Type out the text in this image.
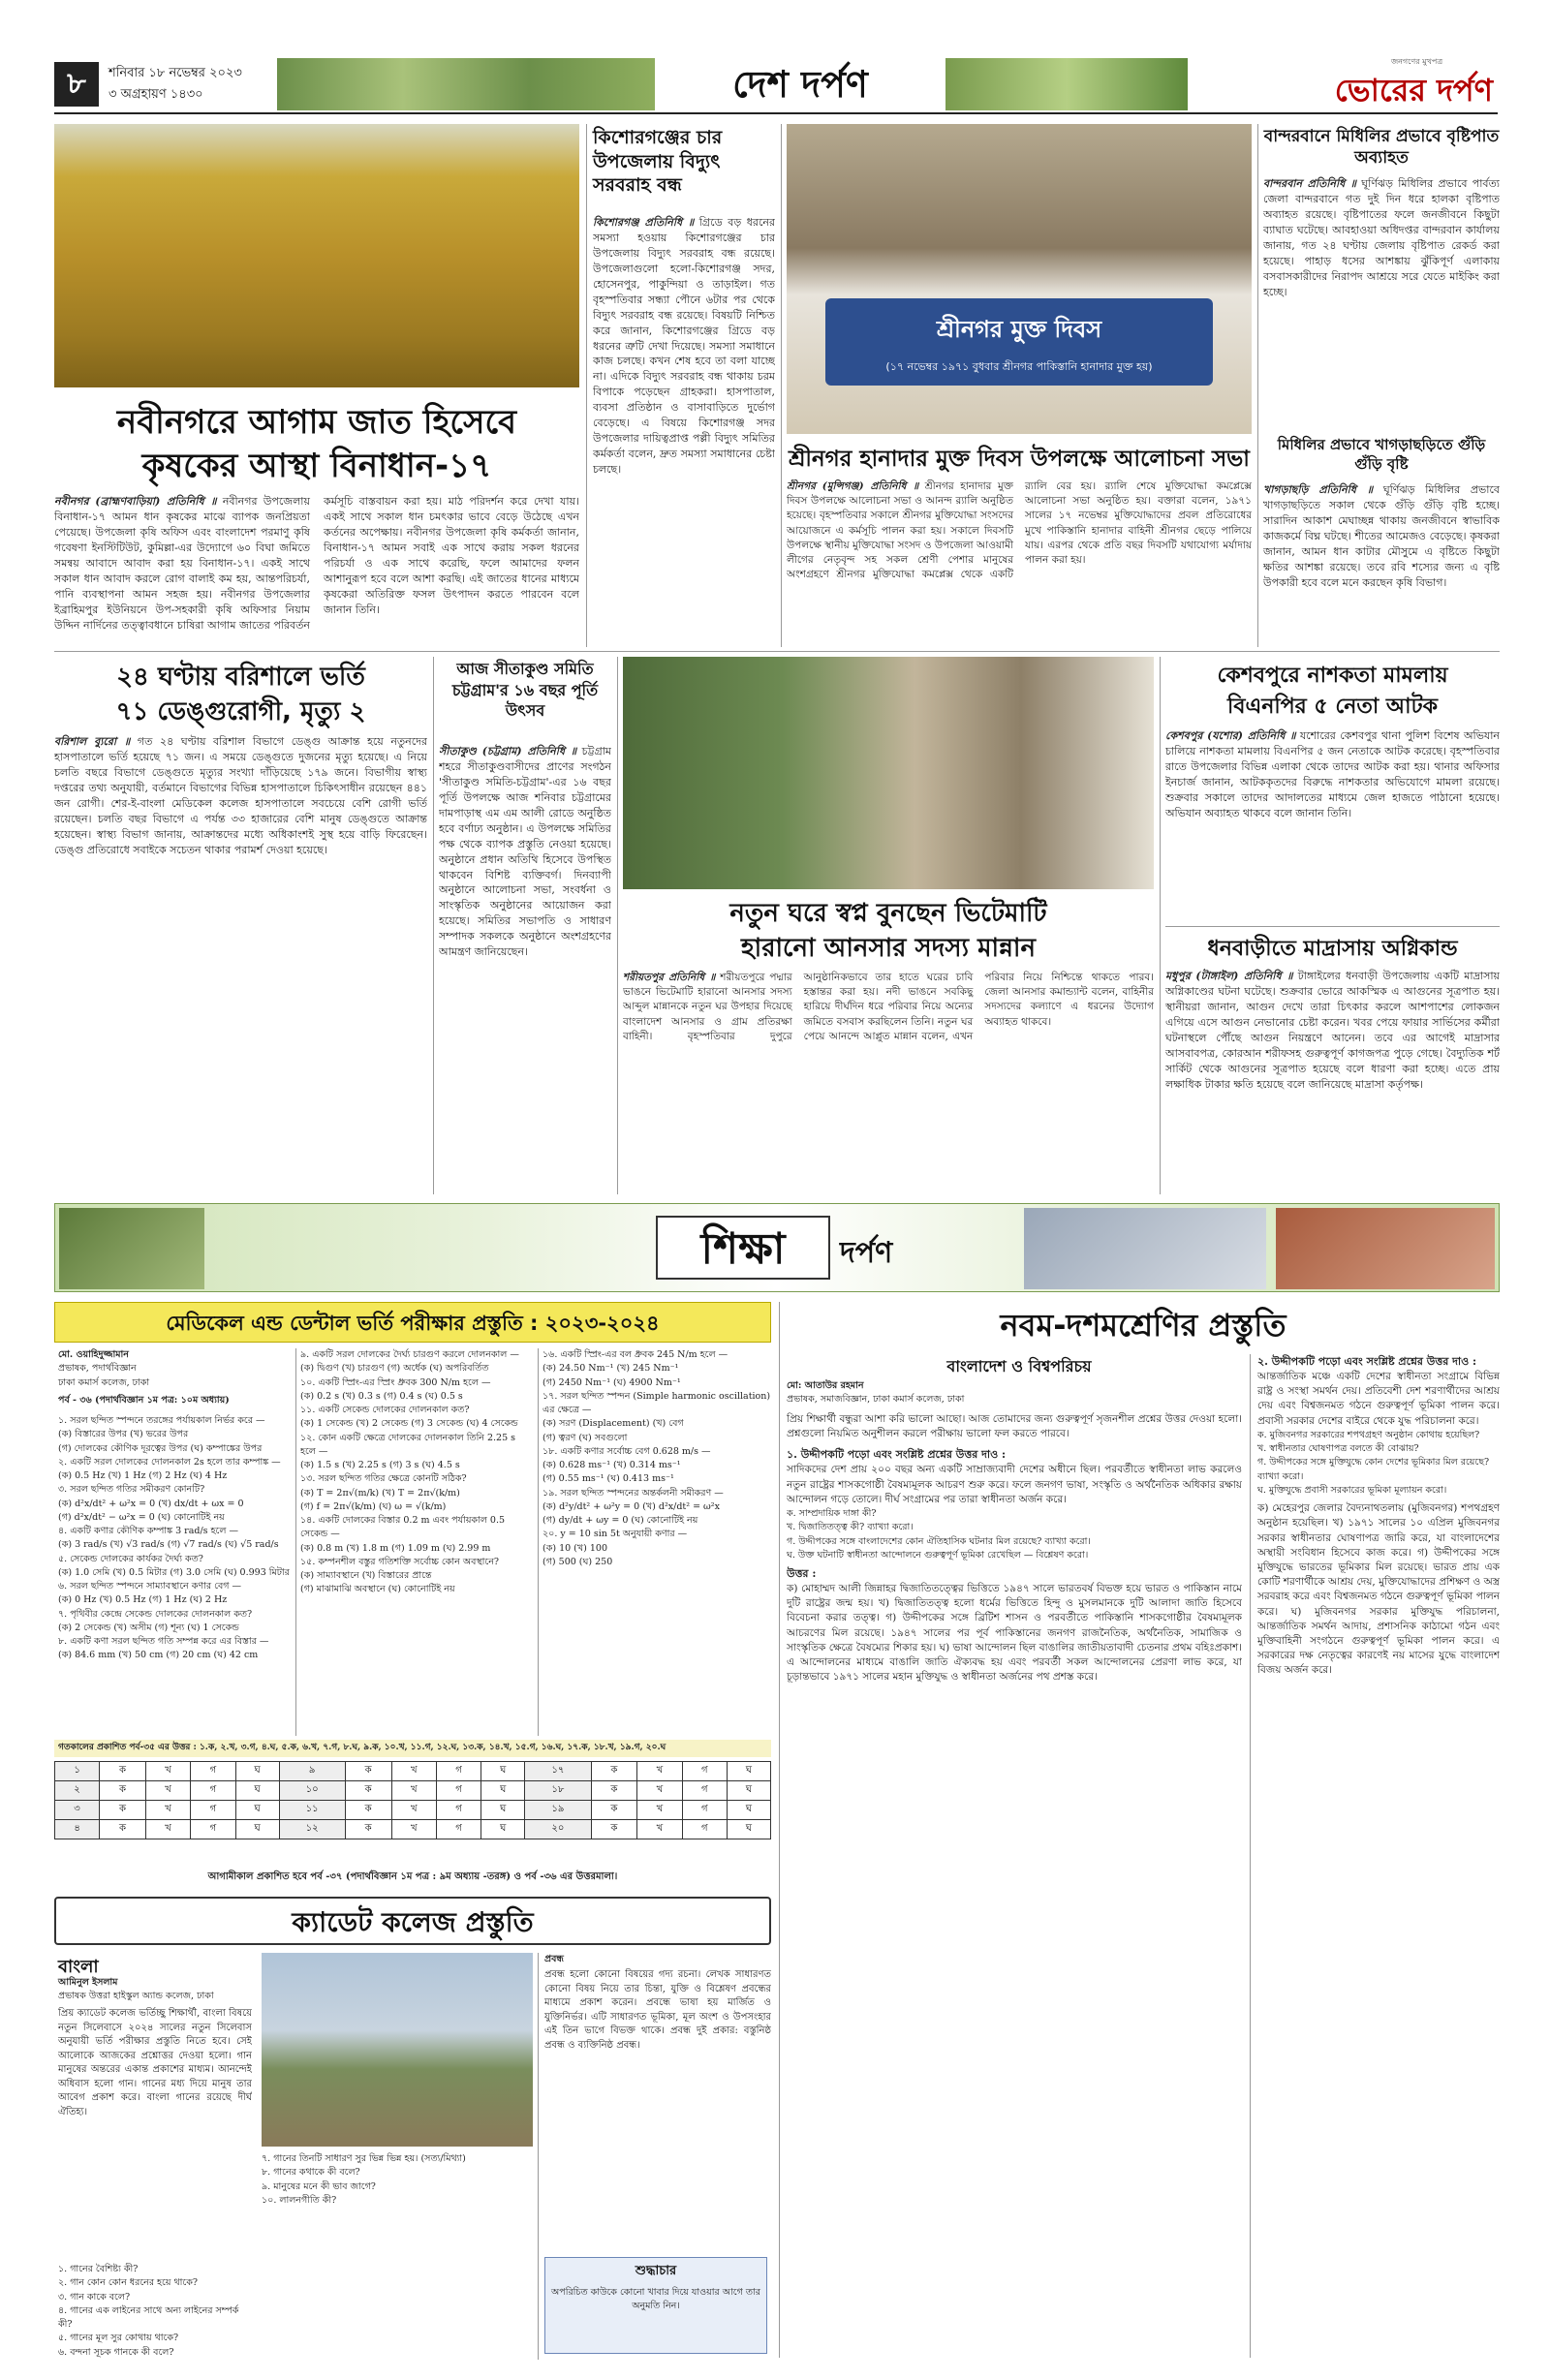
৮	শনিবার ১৮ নভেম্বর ২০২৩
৩ অগ্রহায়ণ ১৪৩০	দেশ দর্পণ
জনগণের মুখপত্র
ভোরের দর্পণ
নবীনগরে আগাম জাত হিসেবে
কৃষকের আস্থা বিনাধান-১৭
নবীনগর (ব্রাহ্মণবাড়িয়া) প্রতিনিধি ॥ নবীনগর উপজেলায় বিনাধান-১৭ আমন ধান কৃষকের মাঝে ব্যাপক জনপ্রিয়তা পেয়েছে। উপজেলা কৃষি অফিস এবং বাংলাদেশ পরমাণু কৃষি গবেষণা ইনস্টিটিউট, কুমিল্লা-এর উদ্যোগে ৬০ বিঘা জমিতে সমন্বয় আবাদে আবাদ করা হয় বিনাধান-১৭। একই সাথে সকাল ধান আবাদ করলে রোগ বালাই কম হয়, আন্তপরিচর্যা, পানি ব্যবস্থাপনা আমন সহজ হয়। নবীনগর উপজেলার ইব্রাহিমপুর ইউনিয়নে উপ-সহকারী কৃষি অফিসার নিয়াম উদ্দিন নার্দিনের তত্ত্বাবধানে চাষিরা আগাম জাতের পরিবর্তন কর্মসূচি বাস্তবায়ন করা হয়। মাঠ পরিদর্শন করে দেখা যায়। একই সাথে সকাল ধান চমৎকার ভাবে বেড়ে উঠেছে এখন কর্তনের অপেক্ষায়। নবীনগর উপজেলা কৃষি কর্মকর্তা জানান, বিনাধান-১৭ আমন সবাই এক সাথে করায় সকল ধরনের পরিচর্যা ও এক সাথে করেছি, ফলে আমাদের ফলন আশানুরূপ হবে বলে আশা করছি। এই জাতের ধানের মাধ্যমে কৃষকেরা অতিরিক্ত ফসল উৎপাদন করতে পারবেন বলে জানান তিনি।
কিশোরগঞ্জের চার উপজেলায় বিদ্যুৎ সরবরাহ বন্ধ
কিশোরগঞ্জ প্রতিনিধি ॥ গ্রিডে বড় ধরনের সমস্যা হওয়ায় কিশোরগঞ্জের চার উপজেলায় বিদ্যুৎ সরবরাহ বন্ধ রয়েছে। উপজেলাগুলো হলো-কিশোরগঞ্জ সদর, হোসেনপুর, পাকুন্দিয়া ও তাড়াইল। গত বৃহস্পতিবার সন্ধ্যা পৌনে ৬টার পর থেকে বিদ্যুৎ সরবরাহ বন্ধ রয়েছে। বিষয়টি নিশ্চিত করে জানান, কিশোরগঞ্জের গ্রিডে বড় ধরনের ত্রুটি দেখা দিয়েছে। সমস্যা সমাধানে কাজ চলছে। কখন শেষ হবে তা বলা যাচ্ছে না। এদিকে বিদ্যুৎ সরবরাহ বন্ধ থাকায় চরম বিপাকে পড়েছেন গ্রাহকরা। হাসপাতাল, ব্যবসা প্রতিষ্ঠান ও বাসাবাড়িতে দুর্ভোগ বেড়েছে। এ বিষয়ে কিশোরগঞ্জ সদর উপজেলার দায়িত্বপ্রাপ্ত পল্লী বিদ্যুৎ সমিতির কর্মকর্তা বলেন, দ্রুত সমস্যা সমাধানের চেষ্টা চলছে।
শ্রীনগর মুক্ত দিবস
(১৭ নভেম্বর ১৯৭১ বুধবার শ্রীনগর পাকিস্তানি হানাদার মুক্ত হয়)
শ্রীনগর হানাদার মুক্ত দিবস উপলক্ষে আলোচনা সভা
শ্রীনগর (মুন্সিগঞ্জ) প্রতিনিধি ॥ শ্রীনগর হানাদার মুক্ত দিবস উপলক্ষে আলোচনা সভা ও আনন্দ র‍্যালি অনুষ্ঠিত হয়েছে। বৃহস্পতিবার সকালে শ্রীনগর মুক্তিযোদ্ধা সংসদের আয়োজনে এ কর্মসূচি পালন করা হয়। সকালে দিবসটি উপলক্ষে স্থানীয় মুক্তিযোদ্ধা সংসদ ও উপজেলা আওয়ামী লীগের নেতৃবৃন্দ সহ সকল শ্রেণী পেশার মানুষের অংশগ্রহণে শ্রীনগর মুক্তিযোদ্ধা কমপ্লেক্স থেকে একটি র‍্যালি বের হয়। র‍্যালি শেষে মুক্তিযোদ্ধা কমপ্লেক্সে আলোচনা সভা অনুষ্ঠিত হয়। বক্তারা বলেন, ১৯৭১ সালের ১৭ নভেম্বর মুক্তিযোদ্ধাদের প্রবল প্রতিরোধের মুখে পাকিস্তানি হানাদার বাহিনী শ্রীনগর ছেড়ে পালিয়ে যায়। এরপর থেকে প্রতি বছর দিবসটি যথাযোগ্য মর্যাদায় পালন করা হয়।
বান্দরবানে মিধিলির প্রভাবে বৃষ্টিপাত অব্যাহত
বান্দরবান প্রতিনিধি ॥ ঘূর্ণিঝড় মিধিলির প্রভাবে পার্বত্য জেলা বান্দরবানে গত দুই দিন ধরে হালকা বৃষ্টিপাত অব্যাহত রয়েছে। বৃষ্টিপাতের ফলে জনজীবনে কিছুটা ব্যাঘাত ঘটেছে। আবহাওয়া অধিদপ্তর বান্দরবান কার্যালয় জানায়, গত ২৪ ঘণ্টায় জেলায় বৃষ্টিপাত রেকর্ড করা হয়েছে। পাহাড় ধসের আশঙ্কায় ঝুঁকিপূর্ণ এলাকায় বসবাসকারীদের নিরাপদ আশ্রয়ে সরে যেতে মাইকিং করা হচ্ছে।
মিধিলির প্রভাবে খাগড়াছড়িতে গুঁড়ি গুঁড়ি বৃষ্টি
খাগড়াছড়ি প্রতিনিধি ॥ ঘূর্ণিঝড় মিধিলির প্রভাবে খাগড়াছড়িতে সকাল থেকে গুঁড়ি গুঁড়ি বৃষ্টি হচ্ছে। সারাদিন আকাশ মেঘাচ্ছন্ন থাকায় জনজীবনে স্বাভাবিক কাজকর্মে বিঘ্ন ঘটছে। শীতের আমেজও বেড়েছে। কৃষকরা জানান, আমন ধান কাটার মৌসুমে এ বৃষ্টিতে কিছুটা ক্ষতির আশঙ্কা রয়েছে। তবে রবি শস্যের জন্য এ বৃষ্টি উপকারী হবে বলে মনে করছেন কৃষি বিভাগ।
২৪ ঘণ্টায় বরিশালে ভর্তি
৭১ ডেঙ্গুরোগী, মৃত্যু ২
বরিশাল ব্যুরো ॥ গত ২৪ ঘণ্টায় বরিশাল বিভাগে ডেঙ্গু আক্রান্ত হয়ে নতুনদের হাসপাতালে ভর্তি হয়েছে ৭১ জন। এ সময়ে ডেঙ্গুতে দুজনের মৃত্যু হয়েছে। এ নিয়ে চলতি বছরে বিভাগে ডেঙ্গুতে মৃত্যুর সংখ্যা দাঁড়িয়েছে ১৭৯ জনে। বিভাগীয় স্বাস্থ্য দপ্তরের তথ্য অনুযায়ী, বর্তমানে বিভাগের বিভিন্ন হাসপাতালে চিকিৎসাধীন রয়েছেন ৪৪১ জন রোগী। শের-ই-বাংলা মেডিকেল কলেজ হাসপাতালে সবচেয়ে বেশি রোগী ভর্তি রয়েছেন। চলতি বছর বিভাগে এ পর্যন্ত ৩৩ হাজারের বেশি মানুষ ডেঙ্গুতে আক্রান্ত হয়েছেন। স্বাস্থ্য বিভাগ জানায়, আক্রান্তদের মধ্যে অধিকাংশই সুস্থ হয়ে বাড়ি ফিরেছেন। ডেঙ্গু প্রতিরোধে সবাইকে সচেতন থাকার পরামর্শ দেওয়া হয়েছে।
আজ সীতাকুণ্ড সমিতি চট্টগ্রাম'র ১৬ বছর পূর্তি উৎসব
সীতাকুণ্ড (চট্টগ্রাম) প্রতিনিধি ॥ চট্টগ্রাম শহরে সীতাকুণ্ডবাসীদের প্রাণের সংগঠন 'সীতাকুণ্ড সমিতি-চট্টগ্রাম'-এর ১৬ বছর পূর্তি উপলক্ষে আজ শনিবার চট্টগ্রামের দামপাড়াস্থ এম এম আলী রোডে অনুষ্ঠিত হবে বর্ণাঢ্য অনুষ্ঠান। এ উপলক্ষে সমিতির পক্ষ থেকে ব্যাপক প্রস্তুতি নেওয়া হয়েছে। অনুষ্ঠানে প্রধান অতিথি হিসেবে উপস্থিত থাকবেন বিশিষ্ট ব্যক্তিবর্গ। দিনব্যাপী অনুষ্ঠানে আলোচনা সভা, সংবর্ধনা ও সাংস্কৃতিক অনুষ্ঠানের আয়োজন করা হয়েছে। সমিতির সভাপতি ও সাধারণ সম্পাদক সকলকে অনুষ্ঠানে অংশগ্রহণের আমন্ত্রণ জানিয়েছেন।
নতুন ঘরে স্বপ্ন বুনছেন ভিটেমাটি
হারানো আনসার সদস্য মান্নান
শরীয়তপুর প্রতিনিধি ॥ শরীয়তপুরে পদ্মার ভাঙনে ভিটেমাটি হারানো আনসার সদস্য আব্দুল মান্নানকে নতুন ঘর উপহার দিয়েছে বাংলাদেশ আনসার ও গ্রাম প্রতিরক্ষা বাহিনী। বৃহস্পতিবার দুপুরে আনুষ্ঠানিকভাবে তার হাতে ঘরের চাবি হস্তান্তর করা হয়। নদী ভাঙনে সবকিছু হারিয়ে দীর্ঘদিন ধরে পরিবার নিয়ে অন্যের জমিতে বসবাস করছিলেন তিনি। নতুন ঘর পেয়ে আনন্দে আপ্লুত মান্নান বলেন, এখন পরিবার নিয়ে নিশ্চিন্তে থাকতে পারব। জেলা আনসার কমান্ড্যান্ট বলেন, বাহিনীর সদস্যদের কল্যাণে এ ধরনের উদ্যোগ অব্যাহত থাকবে।
কেশবপুরে নাশকতা মামলায়
বিএনপির ৫ নেতা আটক
কেশবপুর (যশোর) প্রতিনিধি ॥ যশোরের কেশবপুর থানা পুলিশ বিশেষ অভিযান চালিয়ে নাশকতা মামলায় বিএনপির ৫ জন নেতাকে আটক করেছে। বৃহস্পতিবার রাতে উপজেলার বিভিন্ন এলাকা থেকে তাদের আটক করা হয়। থানার অফিসার ইনচার্জ জানান, আটককৃতদের বিরুদ্ধে নাশকতার অভিযোগে মামলা রয়েছে। শুক্রবার সকালে তাদের আদালতের মাধ্যমে জেল হাজতে পাঠানো হয়েছে। অভিযান অব্যাহত থাকবে বলে জানান তিনি।
ধনবাড়ীতে মাদ্রাসায় অগ্নিকান্ড
মধুপুর (টাঙ্গাইল) প্রতিনিধি ॥ টাঙ্গাইলের ধনবাড়ী উপজেলায় একটি মাদ্রাসায় অগ্নিকাণ্ডের ঘটনা ঘটেছে। শুক্রবার ভোরে আকস্মিক এ আগুনের সূত্রপাত হয়। স্থানীয়রা জানান, আগুন দেখে তারা চিৎকার করলে আশপাশের লোকজন এগিয়ে এসে আগুন নেভানোর চেষ্টা করেন। খবর পেয়ে ফায়ার সার্ভিসের কর্মীরা ঘটনাস্থলে পৌঁছে আগুন নিয়ন্ত্রণে আনেন। তবে এর আগেই মাদ্রাসার আসবাবপত্র, কোরআন শরীফসহ গুরুত্বপূর্ণ কাগজপত্র পুড়ে গেছে। বৈদ্যুতিক শর্ট সার্কিট থেকে আগুনের সূত্রপাত হয়েছে বলে ধারণা করা হচ্ছে। এতে প্রায় লক্ষাধিক টাকার ক্ষতি হয়েছে বলে জানিয়েছে মাদ্রাসা কর্তৃপক্ষ।
শিক্ষা	দর্পণ
মেডিকেল এন্ড ডেন্টাল ভর্তি পরীক্ষার প্রস্তুতি : ২০২৩-২০২৪
মো. ওয়াহিদুজ্জামান
প্রভাষক, পদার্থবিজ্ঞান
ঢাকা কমার্স কলেজ, ঢাকা
পর্ব - ৩৬ (পদার্থবিজ্ঞান ১ম পত্র: ১০ম অধ্যায়)
১. সরল ছন্দিত স্পন্দনে তরঙ্গের পর্যায়কাল নির্ভর করে —
(ক) বিস্তারের উপর (খ) ভরের উপর
(গ) দোলকের কৌণিক দূরত্বের উপর (ঘ) কম্পাঙ্কের উপর
২. একটি সরল দোলকের দোলনকাল 2s হলে তার কম্পাঙ্ক —
(ক) 0.5 Hz (খ) 1 Hz (গ) 2 Hz (ঘ) 4 Hz
৩. সরল ছন্দিত গতির সমীকরণ কোনটি?
(ক) d²x/dt² + ω²x = 0 (খ) dx/dt + ωx = 0
(গ) d²x/dt² − ω²x = 0 (ঘ) কোনোটিই নয়
৪. একটি কণার কৌণিক কম্পাঙ্ক 3 rad/s হলে —
(ক) 3 rad/s (খ) √3 rad/s (গ) √7 rad/s (ঘ) √5 rad/s
৫. সেকেন্ড দোলকের কার্যকর দৈর্ঘ্য কত?
(ক) 1.0 সেমি (খ) 0.5 মিটার (গ) 3.0 সেমি (ঘ) 0.993 মিটার
৬. সরল ছন্দিত স্পন্দনে সাম্যাবস্থানে কণার বেগ —
(ক) 0 Hz (খ) 0.5 Hz (গ) 1 Hz (ঘ) 2 Hz
৭. পৃথিবীর কেন্দ্রে সেকেন্ড দোলকের দোলনকাল কত?
(ক) 2 সেকেন্ড (খ) অসীম (গ) শূন্য (ঘ) 1 সেকেন্ড
৮. একটি কণা সরল ছন্দিত গতি সম্পন্ন করে এর বিস্তার —
(ক) 84.6 mm (খ) 50 cm (গ) 20 cm (ঘ) 42 cm
৯. একটি সরল দোলকের দৈর্ঘ্য চারগুণ করলে দোলনকাল —
(ক) দ্বিগুণ (খ) চারগুণ (গ) অর্ধেক (ঘ) অপরিবর্তিত
১০. একটি স্প্রিং-এর স্প্রিং ধ্রুবক 300 N/m হলে —
(ক) 0.2 s (খ) 0.3 s (গ) 0.4 s (ঘ) 0.5 s
১১. একটি সেকেন্ড দোলকের দোলনকাল কত?
(ক) 1 সেকেন্ড (খ) 2 সেকেন্ড (গ) 3 সেকেন্ড (ঘ) 4 সেকেন্ড
১২. কোন একটি ক্ষেত্রে দোলকের দোলনকাল তিনি 2.25 s হলে —
(ক) 1.5 s (খ) 2.25 s (গ) 3 s (ঘ) 4.5 s
১৩. সরল ছন্দিত গতির ক্ষেত্রে কোনটি সঠিক?
(ক) T = 2π√(m/k) (খ) T = 2π√(k/m)
(গ) f = 2π√(k/m) (ঘ) ω = √(k/m)
১৪. একটি দোলকের বিস্তার 0.2 m এবং পর্যায়কাল 0.5 সেকেন্ড —
(ক) 0.8 m (খ) 1.8 m (গ) 1.09 m (ঘ) 2.99 m
১৫. কম্পনশীল বস্তুর গতিশক্তি সর্বোচ্চ কোন অবস্থানে?
(ক) সাম্যাবস্থানে (খ) বিস্তারের প্রান্তে
(গ) মাঝামাঝি অবস্থানে (ঘ) কোনোটিই নয়
১৬. একটি স্প্রিং-এর বল ধ্রুবক 245 N/m হলে —
(ক) 24.50 Nm⁻¹ (খ) 245 Nm⁻¹
(গ) 2450 Nm⁻¹ (ঘ) 4900 Nm⁻¹
১৭. সরল ছন্দিত স্পন্দন (Simple harmonic oscillation) এর ক্ষেত্রে —
(ক) সরণ (Displacement) (খ) বেগ
(গ) ত্বরণ (ঘ) সবগুলো
১৮. একটি কণার সর্বোচ্চ বেগ 0.628 m/s —
(ক) 0.628 ms⁻¹ (খ) 0.314 ms⁻¹
(গ) 0.55 ms⁻¹ (ঘ) 0.413 ms⁻¹
১৯. সরল ছন্দিত স্পন্দনের অন্তর্কলনী সমীকরণ —
(ক) d²y/dt² + ω²y = 0 (খ) d²x/dt² = ω²x
(গ) dy/dt + ωy = 0 (ঘ) কোনোটিই নয়
২০. y = 10 sin 5t অনুযায়ী কণার —
(ক) 10 (খ) 100
(গ) 500 (ঘ) 250
গতকালের প্রকাশিত পর্ব-৩৫ এর উত্তর : ১.ক, ২.খ, ৩.গ, ৪.ঘ, ৫.ক, ৬.খ, ৭.গ, ৮.ঘ, ৯.ক, ১০.খ, ১১.গ, ১২.ঘ, ১৩.ক, ১৪.খ, ১৫.গ, ১৬.ঘ, ১৭.ক, ১৮.খ, ১৯.গ, ২০.ঘ
১	ক	খ	গ	ঘ	৯	ক	খ	গ	ঘ	১৭	ক	খ	গ	ঘ
২	ক	খ	গ	ঘ	১০	ক	খ	গ	ঘ	১৮	ক	খ	গ	ঘ
৩	ক	খ	গ	ঘ	১১	ক	খ	গ	ঘ	১৯	ক	খ	গ	ঘ
৪	ক	খ	গ	ঘ	১২	ক	খ	গ	ঘ	২০	ক	খ	গ	ঘ
আগামীকাল প্রকাশিত হবে পর্ব -৩৭ (পদার্থবিজ্ঞান ১ম পত্র : ৯ম অধ্যায় -তরঙ্গ) ও পর্ব -৩৬ এর উত্তরমালা।
ক্যাডেট কলেজ প্রস্তুতি
বাংলা
আমিনুল ইসলাম
প্রভাষক উত্তরা হাইস্কুল অ্যান্ড কলেজ, ঢাকা
প্রিয় ক্যাডেট কলেজ ভর্তিচ্ছু শিক্ষার্থী, বাংলা বিষয়ে নতুন সিলেবাসে ২০২৪ সালের নতুন সিলেবাস অনুযায়ী ভর্তি পরীক্ষার প্রস্তুতি নিতে হবে। সেই আলোকে আজকের প্রশ্নোত্তর দেওয়া হলো। গান মানুষের অন্তরের একান্ত প্রকাশের মাধ্যম। আনন্দেই অধিবাস হলো গান। গানের মধ্য দিয়ে মানুষ তার আবেগ প্রকাশ করে। বাংলা গানের রয়েছে দীর্ঘ ঐতিহ্য।
১. গানের বৈশিষ্ট্য কী?
২. গান কোন কোন ধরনের হয়ে থাকে?
৩. গান কাকে বলে?
৪. গানের এক লাইনের সাথে অন্য লাইনের সম্পর্ক কী?
৫. গানের মূল সুর কোথায় থাকে?
৬. বন্দনা সূচক গানকে কী বলে?
৭. গানের তিনটি সাধারণ সুর ভিন্ন ভিন্ন হয়। (সত্য/মিথ্যা)
৮. গানের কথাকে কী বলে?
৯. মানুষের মনে কী ভাব জাগে?
১০. লালনগীতি কী?
প্রবন্ধ
প্রবন্ধ হলো কোনো বিষয়ের গদ্য রচনা। লেখক সাধারণত কোনো বিষয় নিয়ে তার চিন্তা, যুক্তি ও বিশ্লেষণ প্রবন্ধের মাধ্যমে প্রকাশ করেন। প্রবন্ধে ভাষা হয় মার্জিত ও যুক্তিনির্ভর। এটি সাধারণত ভূমিকা, মূল অংশ ও উপসংহার এই তিন ভাগে বিভক্ত থাকে। প্রবন্ধ দুই প্রকার: বস্তুনিষ্ঠ প্রবন্ধ ও ব্যক্তিনিষ্ঠ প্রবন্ধ।
শুদ্ধাচার
অপরিচিত কাউকে কোনো খাবার দিয়ে যাওয়ার আগে তার অনুমতি নিন।
নবম-দশমশ্রেণির প্রস্তুতি
বাংলাদেশ ও বিশ্বপরিচয়
মো: আতাউর রহমান
প্রভাষক, সমাজবিজ্ঞান, ঢাকা কমার্স কলেজ, ঢাকা
প্রিয় শিক্ষার্থী বন্ধুরা আশা করি ভালো আছো। আজ তোমাদের জন্য গুরুত্বপূর্ণ সৃজনশীল প্রশ্নের উত্তর দেওয়া হলো। প্রশ্নগুলো নিয়মিত অনুশীলন করলে পরীক্ষায় ভালো ফল করতে পারবে।
১. উদ্দীপকটি পড়ো এবং সংশ্লিষ্ট প্রশ্নের উত্তর দাও :
সাদিকদের দেশ প্রায় ২০০ বছর অন্য একটি সাম্রাজ্যবাদী দেশের অধীনে ছিল। পরবর্তীতে স্বাধীনতা লাভ করলেও নতুন রাষ্ট্রের শাসকগোষ্ঠী বৈষম্যমূলক আচরণ শুরু করে। ফলে জনগণ ভাষা, সংস্কৃতি ও অর্থনৈতিক অধিকার রক্ষায় আন্দোলন গড়ে তোলে। দীর্ঘ সংগ্রামের পর তারা স্বাধীনতা অর্জন করে।
ক. সাম্প্রদায়িক দাঙ্গা কী?
খ. দ্বিজাতিতত্ত্ব কী? ব্যাখ্যা করো।
গ. উদ্দীপকের সঙ্গে বাংলাদেশের কোন ঐতিহাসিক ঘটনার মিল রয়েছে? ব্যাখ্যা করো।
ঘ. উক্ত ঘটনাটি স্বাধীনতা আন্দোলনে গুরুত্বপূর্ণ ভূমিকা রেখেছিল — বিশ্লেষণ করো।
উত্তর :
ক) মোহাম্মদ আলী জিন্নাহর দ্বিজাতিতত্ত্বের ভিত্তিতে ১৯৪৭ সালে ভারতবর্ষ বিভক্ত হয়ে ভারত ও পাকিস্তান নামে দুটি রাষ্ট্রের জন্ম হয়। খ) দ্বিজাতিতত্ত্ব হলো ধর্মের ভিত্তিতে হিন্দু ও মুসলমানকে দুটি আলাদা জাতি হিসেবে বিবেচনা করার তত্ত্ব। গ) উদ্দীপকের সঙ্গে ব্রিটিশ শাসন ও পরবর্তীতে পাকিস্তানি শাসকগোষ্ঠীর বৈষম্যমূলক আচরণের মিল রয়েছে। ১৯৪৭ সালের পর পূর্ব পাকিস্তানের জনগণ রাজনৈতিক, অর্থনৈতিক, সামাজিক ও সাংস্কৃতিক ক্ষেত্রে বৈষম্যের শিকার হয়। ঘ) ভাষা আন্দোলন ছিল বাঙালির জাতীয়তাবাদী চেতনার প্রথম বহিঃপ্রকাশ। এ আন্দোলনের মাধ্যমে বাঙালি জাতি ঐক্যবদ্ধ হয় এবং পরবর্তী সকল আন্দোলনের প্রেরণা লাভ করে, যা চূড়ান্তভাবে ১৯৭১ সালের মহান মুক্তিযুদ্ধ ও স্বাধীনতা অর্জনের পথ প্রশস্ত করে।
২. উদ্দীপকটি পড়ো এবং সংশ্লিষ্ট প্রশ্নের উত্তর দাও :
আন্তর্জাতিক মঞ্চে একটি দেশের স্বাধীনতা সংগ্রামে বিভিন্ন রাষ্ট্র ও সংস্থা সমর্থন দেয়। প্রতিবেশী দেশ শরণার্থীদের আশ্রয় দেয় এবং বিশ্বজনমত গঠনে গুরুত্বপূর্ণ ভূমিকা পালন করে। প্রবাসী সরকার দেশের বাইরে থেকে যুদ্ধ পরিচালনা করে।
ক. মুজিবনগর সরকারের শপথগ্রহণ অনুষ্ঠান কোথায় হয়েছিল?
খ. স্বাধীনতার ঘোষণাপত্র বলতে কী বোঝায়?
গ. উদ্দীপকের সঙ্গে মুক্তিযুদ্ধে কোন দেশের ভূমিকার মিল রয়েছে? ব্যাখ্যা করো।
ঘ. মুক্তিযুদ্ধে প্রবাসী সরকারের ভূমিকা মূল্যায়ন করো।
ক) মেহেরপুর জেলার বৈদ্যনাথতলায় (মুজিবনগর) শপথগ্রহণ অনুষ্ঠান হয়েছিল। খ) ১৯৭১ সালের ১০ এপ্রিল মুজিবনগর সরকার স্বাধীনতার ঘোষণাপত্র জারি করে, যা বাংলাদেশের অস্থায়ী সংবিধান হিসেবে কাজ করে। গ) উদ্দীপকের সঙ্গে মুক্তিযুদ্ধে ভারতের ভূমিকার মিল রয়েছে। ভারত প্রায় এক কোটি শরণার্থীকে আশ্রয় দেয়, মুক্তিযোদ্ধাদের প্রশিক্ষণ ও অস্ত্র সরবরাহ করে এবং বিশ্বজনমত গঠনে গুরুত্বপূর্ণ ভূমিকা পালন করে। ঘ) মুজিবনগর সরকার মুক্তিযুদ্ধ পরিচালনা, আন্তর্জাতিক সমর্থন আদায়, প্রশাসনিক কাঠামো গঠন এবং মুক্তিবাহিনী সংগঠনে গুরুত্বপূর্ণ ভূমিকা পালন করে। এ সরকারের দক্ষ নেতৃত্বের কারণেই নয় মাসের যুদ্ধে বাংলাদেশ বিজয় অর্জন করে।
